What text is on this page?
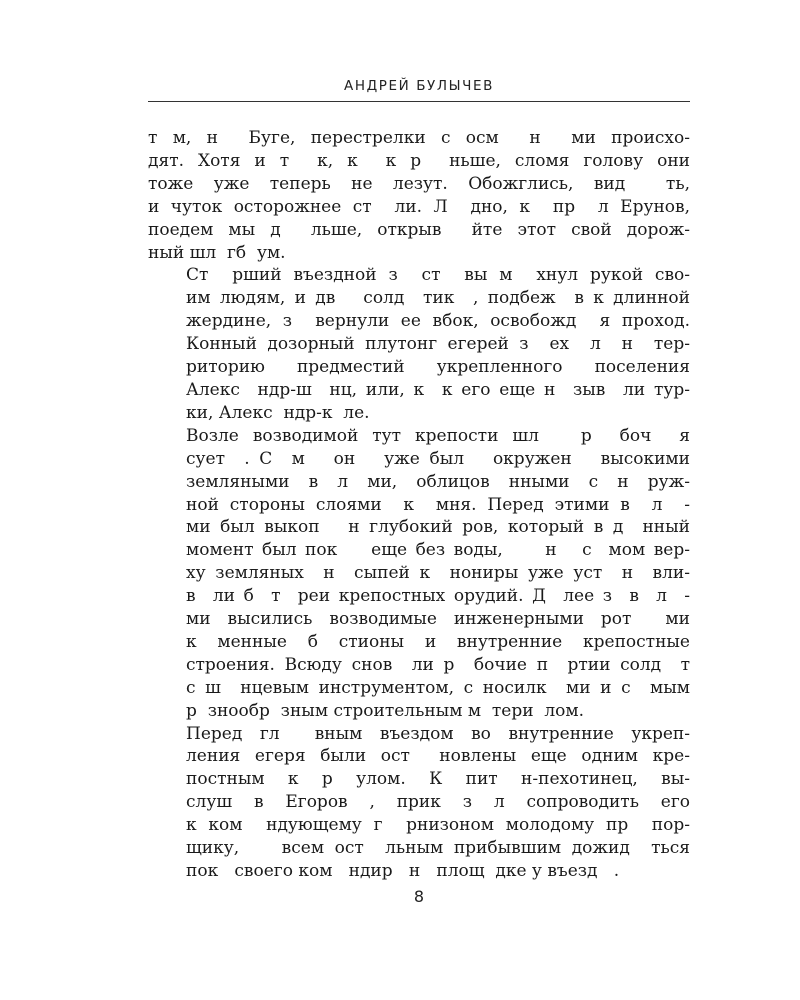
АНДРЕЙ БУЛЫЧЕВ

т м, н  Буге, перестрелки с осм  н  ми происхо-
дят. Хотя и т  к, к  к р  ньше, сломя голову они
тоже уже теперь не лезут. Обожглись, вид  ть,
и чуток осторожнее ст  ли. Л  дно, к  пр  л Ерунов,
поедем мы д  льше, открыв  йте этот свой дорож-
ный шл  гб  ум.

Ст  рший въездной з  ст  вы м  хнул рукой сво-
им людям, и дв   солд  тик  , подбеж  в к длинной
жердине, з  вернули ее вбок, освобожд  я проход.
Конный дозорный плутонг егерей з  ех  л  н  тер-
риторию предместий укрепленного поселения
Алекс  ндр-ш  нц, или, к  к его еще н  зыв  ли тур-
ки, Алекс  ндр-к  ле.

Возле возводимой тут крепости шл   р  боч  я
сует  . С  м   он   уже был   окружен   высокими
земляными  в  л  ми,  облицов  нными  с  н  руж-
ной стороны слоями  к  мня. Перед этими в  л  -
ми был выкоп   н глубокий ров, который в д  нный
момент был пок    еще без воды,     н   с  мом вер-
ху земляных  н  сыпей к  нониры уже уст  н  вли-
в  ли б  т  реи крепостных орудий. Д  лее з  в  л  -
ми высились возводимые инженерными рот  ми
к  менные  б  стионы  и  внутренние  крепостные
строения. Всюду снов  ли р  бочие п  ртии солд  т
с ш  нцевым инструментом, с носилк  ми и с  мым
р  знообр  зным строительным м  тери  лом.

Перед гл  вным въездом во внутренние укреп-
ления егеря были ост  новлены еще одним кре-
постным  к  р  улом.  К  пит  н-пехотинец,  вы-
слуш  в  Егоров  ,  прик  з  л  сопроводить  его
к ком  ндующему г  рнизоном молодому пр  пор-
щику,    всем ост  льным прибывшим дожид  ться
пок   своего ком   ндир   н   площ  дке у въезд   .

8
